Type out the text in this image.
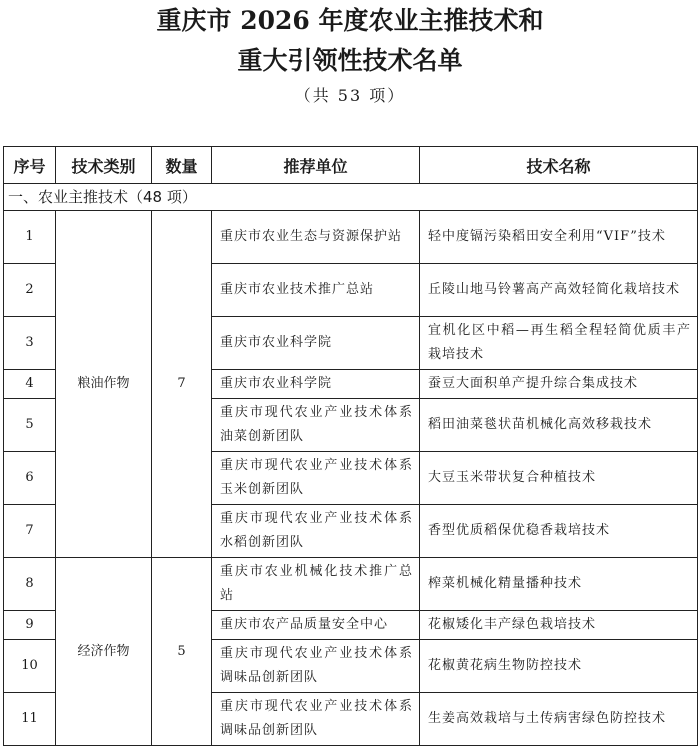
重庆市 2026 年度农业主推技术和
重大引领性技术名单
（共 53 项）
序号	技术类别	数量	推荐单位	技术名称
一、农业主推技术（48 项）				
1	粮油作物	7	重庆市农业生态与资源保护站	轻中度镉污染稻田安全利用“VIF”技术
2			重庆市农业技术推广总站	丘陵山地马铃薯高产高效轻简化栽培技术
3			重庆市农业科学院	宜机化区中稻—再生稻全程轻简优质丰产栽培技术
4			重庆市农业科学院	蚕豆大面积单产提升综合集成技术
5			重庆市现代农业产业技术体系油菜创新团队	稻田油菜毯状苗机械化高效移栽技术
6			重庆市现代农业产业技术体系玉米创新团队	大豆玉米带状复合种植技术
7			重庆市现代农业产业技术体系水稻创新团队	香型优质稻保优稳香栽培技术
8	经济作物	5	重庆市农业机械化技术推广总站	榨菜机械化精量播种技术
9			重庆市农产品质量安全中心	花椒矮化丰产绿色栽培技术
10			重庆市现代农业产业技术体系调味品创新团队	花椒黄花病生物防控技术
11			重庆市现代农业产业技术体系调味品创新团队	生姜高效栽培与土传病害绿色防控技术
